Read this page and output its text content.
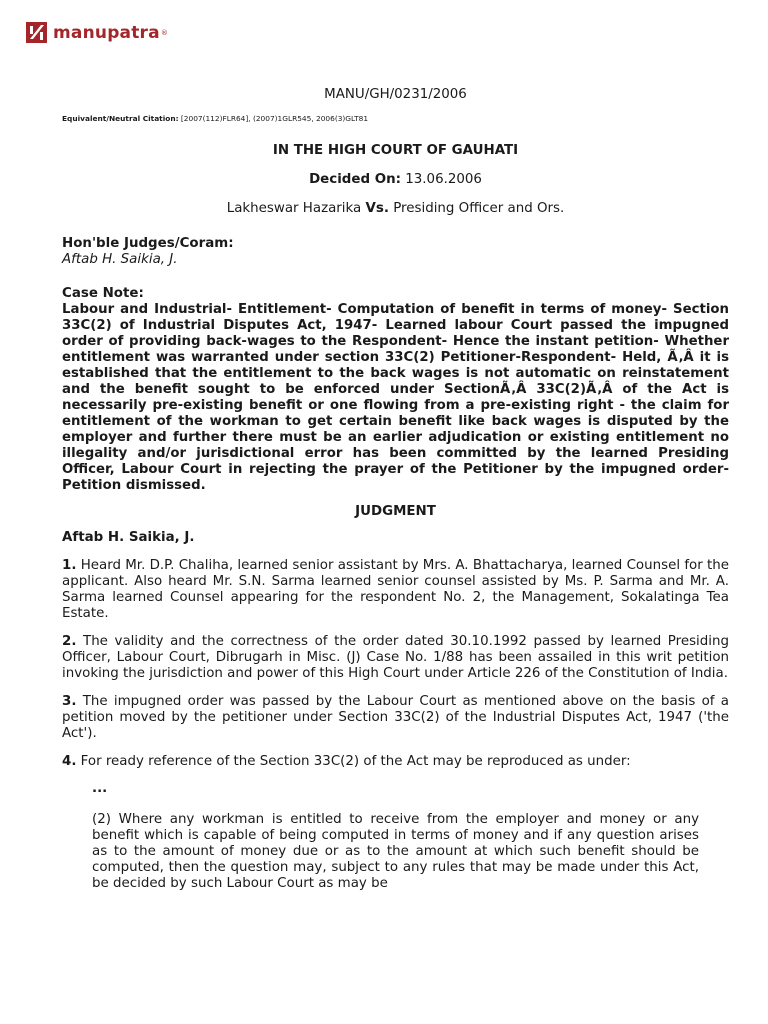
manupatra ®
MANU/GH/0231/2006
Equivalent/Neutral Citation: [2007(112)FLR64], (2007)1GLR545, 2006(3)GLT81
IN THE HIGH COURT OF GAUHATI
Decided On: 13.06.2006
Lakheswar Hazarika Vs. Presiding Officer and Ors.
Hon'ble Judges/Coram:
Aftab H. Saikia, J.
Case Note:
Labour and Industrial- Entitlement- Computation of benefit in terms of money- Section 33C(2) of Industrial Disputes Act, 1947- Learned labour Court passed the impugned order of providing back-wages to the Respondent- Hence the instant petition- Whether entitlement was warranted under section 33C(2) Petitioner-Respondent- Held, Ã‚Â it is established that the entitlement to the back wages is not automatic on reinstatement and the benefit sought to be enforced under SectionÃ‚Â 33C(2)Ã‚Â of the Act is necessarily pre-existing benefit or one flowing from a pre-existing right - the claim for entitlement of the workman to get certain benefit like back wages is disputed by the employer and further there must be an earlier adjudication or existing entitlement no illegality and/or jurisdictional error has been committed by the learned Presiding Officer, Labour Court in rejecting the prayer of the Petitioner by the impugned order- Petition dismissed.
JUDGMENT
Aftab H. Saikia, J.

1. Heard Mr. D.P. Chaliha, learned senior assistant by Mrs. A. Bhattacharya, learned Counsel for the applicant. Also heard Mr. S.N. Sarma learned senior counsel assisted by Ms. P. Sarma and Mr. A. Sarma learned Counsel appearing for the respondent No. 2, the Management, Sokalatinga Tea Estate.

2. The validity and the correctness of the order dated 30.10.1992 passed by learned Presiding Officer, Labour Court, Dibrugarh in Misc. (J) Case No. 1/88 has been assailed in this writ petition invoking the jurisdiction and power of this High Court under Article 226 of the Constitution of India.

3. The impugned order was passed by the Labour Court as mentioned above on the basis of a petition moved by the petitioner under Section 33C(2) of the Industrial Disputes Act, 1947 ('the Act').

4. For ready reference of the Section 33C(2) of the Act may be reproduced as under:

...
(2) Where any workman is entitled to receive from the employer and money or any benefit which is capable of being computed in terms of money and if any question arises as to the amount of money due or as to the amount at which such benefit should be computed, then the question may, subject to any rules that may be made under this Act, be decided by such Labour Court as may be
